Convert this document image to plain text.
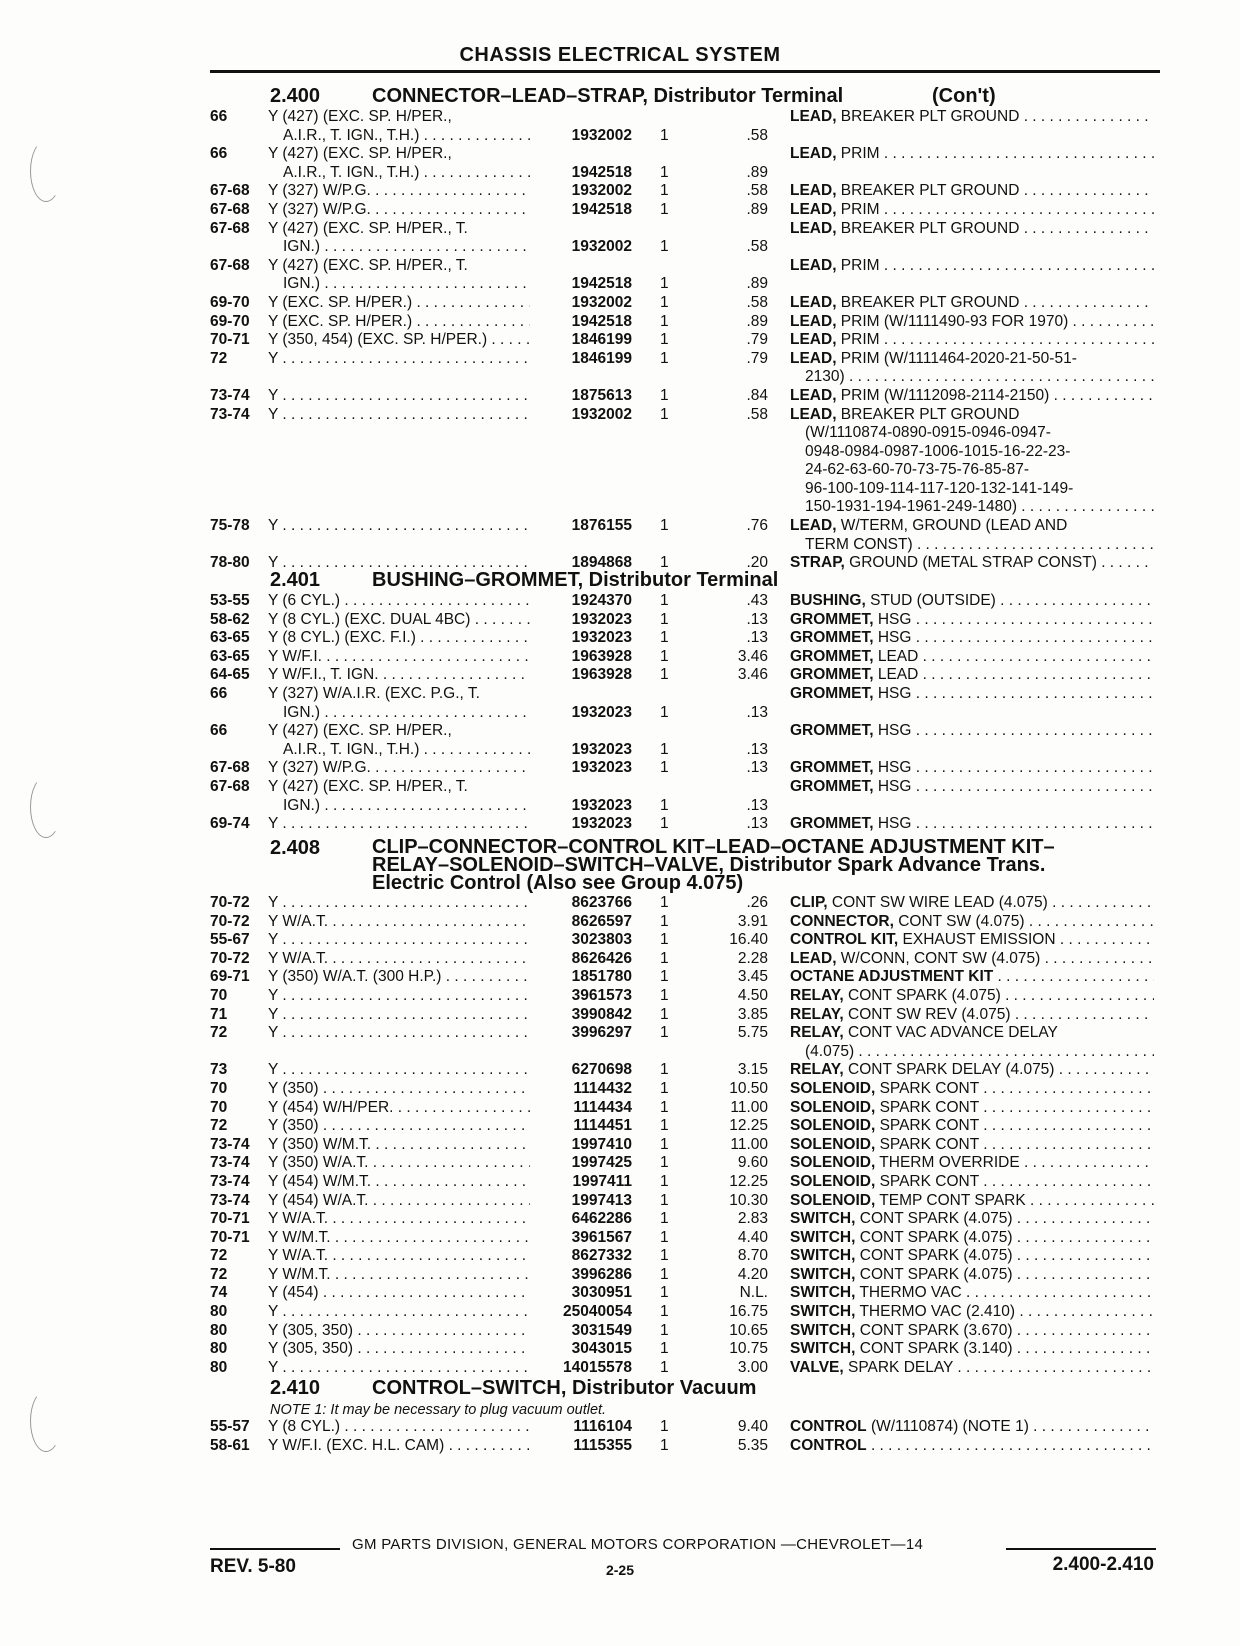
CHASSIS ELECTRICAL SYSTEM
2.400	CONNECTOR–LEAD–STRAP, Distributor Terminal	(Con't)
66	Y (427) (EXC. SP. H/PER.,	LEAD, BREAKER PLT GROUND . . .
A.I.R., T. IGN., T.H.) . . .	1932002 1	.58
66	Y (427) (EXC. SP. H/PER.,	LEAD, PRIM . . .
A.I.R., T. IGN., T.H.) . . .	1942518 1	.89
67-68 Y (327) W/P.G. . . .	1932002 1	.58 LEAD, BREAKER PLT GROUND . . .
67-68 Y (327) W/P.G. . . .	1942518 1	.89 LEAD, PRIM . . .
67-68 Y (427) (EXC. SP. H/PER., T.	LEAD, BREAKER PLT GROUND . . .
IGN.) . . .	1932002 1	.58
67-68 Y (427) (EXC. SP. H/PER., T.	LEAD, PRIM . . .
IGN.) . . .	1942518 1	.89
69-70 Y (EXC. SP. H/PER.) . . .	1932002 1	.58 LEAD, BREAKER PLT GROUND . . .
69-70 Y (EXC. SP. H/PER.) . . .	1942518 1	.89 LEAD, PRIM (W/1111490-93 FOR 1970) . . .
70-71 Y (350, 454) (EXC. SP. H/PER.) . . .	1846199 1	.79 LEAD, PRIM . . .
72	Y . . .	1846199 1	.79 LEAD, PRIM (W/1111464-2020-21-50-51-
2130) . . .
73-74 Y . . .	1875613 1	.84 LEAD, PRIM (W/1112098-2114-2150) . . .
73-74 Y . . .	1932002 1	.58 LEAD, BREAKER PLT GROUND
(W/1110874-0890-0915-0946-0947-
0948-0984-0987-1006-1015-16-22-23-
24-62-63-60-70-73-75-76-85-87-
96-100-109-114-117-120-132-141-149-
150-1931-194-1961-249-1480) . . .
75-78 Y . . .	1876155 1	.76 LEAD, W/TERM, GROUND (LEAD AND
TERM CONST) . . .
78-80 Y . . .	1894868 1	.20 STRAP, GROUND (METAL STRAP CONST) . . .
2.401	BUSHING–GROMMET, Distributor Terminal
53-55 Y (6 CYL.) . . .	1924370 1	.43 BUSHING, STUD (OUTSIDE) . . .
58-62 Y (8 CYL.) (EXC. DUAL 4BC) . . .	1932023 1	.13 GROMMET, HSG . . .
63-65 Y (8 CYL.) (EXC. F.I.) . . .	1932023 1	.13 GROMMET, HSG . . .
63-65 Y W/F.I. . . .	1963928 1	3.46 GROMMET, LEAD . . .
64-65 Y W/F.I., T. IGN. . . .	1963928 1	3.46 GROMMET, LEAD . . .
66	Y (327) W/A.I.R. (EXC. P.G., T.	GROMMET, HSG . . .
IGN.) . . .	1932023 1	.13
66	Y (427) (EXC. SP. H/PER.,	GROMMET, HSG . . .
A.I.R., T. IGN., T.H.) . . .	1932023 1	.13
67-68 Y (327) W/P.G. . . .	1932023 1	.13 GROMMET, HSG . . .
67-68 Y (427) (EXC. SP. H/PER., T.	GROMMET, HSG . . .
IGN.) . . .	1932023 1	.13
69-74 Y . . .	1932023 1	.13 GROMMET, HSG . . .
2.408	CLIP–CONNECTOR–CONTROL KIT–LEAD–OCTANE ADJUSTMENT KIT–
RELAY–SOLENOID–SWITCH–VALVE, Distributor Spark Advance Trans.
Electric Control (Also see Group 4.075)
70-72 Y . . .	8623766 1	.26 CLIP, CONT SW WIRE LEAD (4.075) . . .
70-72 Y W/A.T. . . .	8626597 1	3.91 CONNECTOR, CONT SW (4.075) . . .
55-67 Y . . .	3023803 1	16.40 CONTROL KIT, EXHAUST EMISSION . . .
70-72 Y W/A.T. . . .	8626426 1	2.28 LEAD, W/CONN, CONT SW (4.075) . . .
69-71 Y (350) W/A.T. (300 H.P.) . . .	1851780 1	3.45 OCTANE ADJUSTMENT KIT . . .
70	Y . . .	3961573 1	4.50 RELAY, CONT SPARK (4.075) . . .
71	Y . . .	3990842 1	3.85 RELAY, CONT SW REV (4.075) . . .
72	Y . . .	3996297 1	5.75 RELAY, CONT VAC ADVANCE DELAY
(4.075) . . .
73	Y . . .	6270698 1	3.15 RELAY, CONT SPARK DELAY (4.075) . . .
70	Y (350) . . .	1114432 1	10.50 SOLENOID, SPARK CONT . . .
70	Y (454) W/H/PER. . . .	1114434 1	11.00 SOLENOID, SPARK CONT . . .
72	Y (350) . . .	1114451 1	12.25 SOLENOID, SPARK CONT . . .
73-74 Y (350) W/M.T. . . .	1997410 1	11.00 SOLENOID, SPARK CONT . . .
73-74 Y (350) W/A.T. . . .	1997425 1	9.60 SOLENOID, THERM OVERRIDE . . .
73-74 Y (454) W/M.T. . . .	1997411 1	12.25 SOLENOID, SPARK CONT . . .
73-74 Y (454) W/A.T. . . .	1997413 1	10.30 SOLENOID, TEMP CONT SPARK . . .
70-71 Y W/A.T. . . .	6462286 1	2.83 SWITCH, CONT SPARK (4.075) . . .
70-71 Y W/M.T. . . .	3961567 1	4.40 SWITCH, CONT SPARK (4.075) . . .
72	Y W/A.T. . . .	8627332 1	8.70 SWITCH, CONT SPARK (4.075) . . .
72	Y W/M.T. . . .	3996286 1	4.20 SWITCH, CONT SPARK (4.075) . . .
74	Y (454) . . .	3030951 1	N.L. SWITCH, THERMO VAC . . .
80	Y . . .	25040054 1	16.75 SWITCH, THERMO VAC (2.410) . . .
80	Y (305, 350) . . .	3031549 1	10.65 SWITCH, CONT SPARK (3.670) . . .
80	Y (305, 350) . . .	3043015 1	10.75 SWITCH, CONT SPARK (3.140) . . .
80	Y . . .	14015578 1	3.00 VALVE, SPARK DELAY . . .
2.410	CONTROL–SWITCH, Distributor Vacuum
NOTE 1: It may be necessary to plug vacuum outlet.
55-57 Y (8 CYL.) . . .	1116104 1	9.40 CONTROL (W/1110874) (NOTE 1) . . .
58-61 Y W/F.I. (EXC. H.L. CAM) . . .	1115355 1	5.35 CONTROL . . .
GM PARTS DIVISION, GENERAL MOTORS CORPORATION —CHEVROLET—14
REV. 5-80	2-25	2.400-2.410
